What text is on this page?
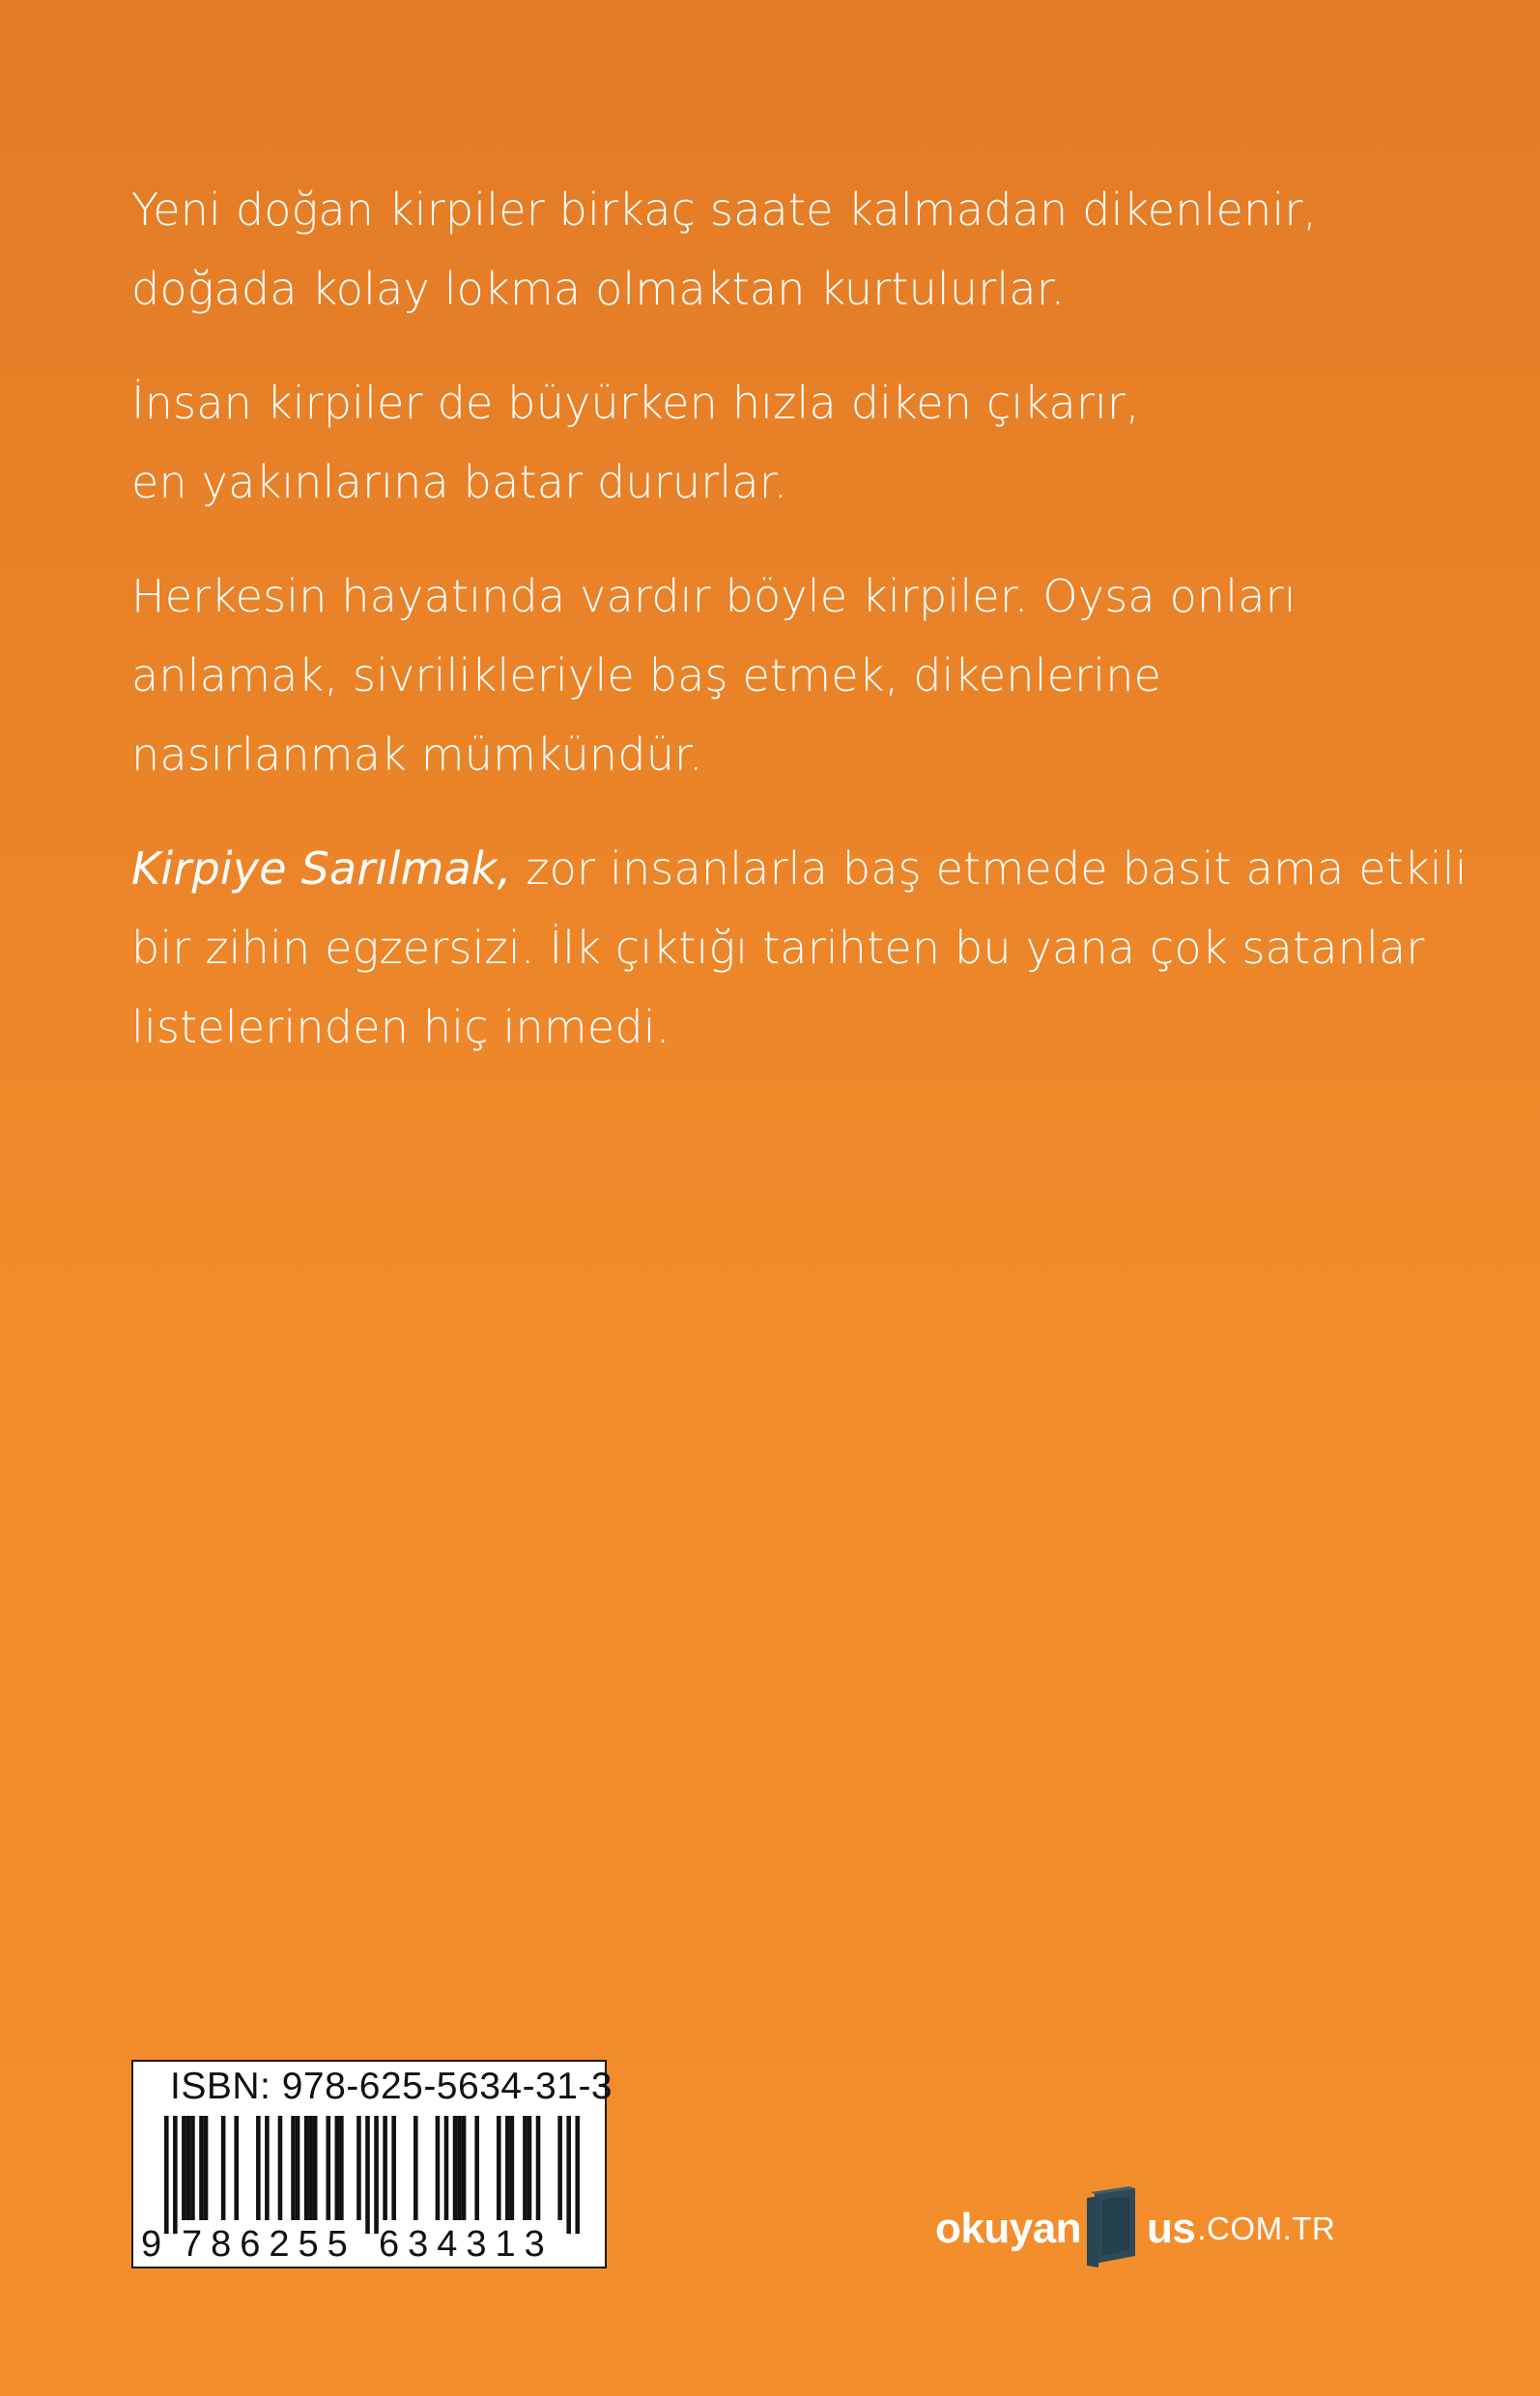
Yeni doğan kirpiler birkaç saate kalmadan dikenlenir,
doğada kolay lokma olmaktan kurtulurlar.

İnsan kirpiler de büyürken hızla diken çıkarır,
en yakınlarına batar dururlar.

Herkesin hayatında vardır böyle kirpiler. Oysa onları
anlamak, sivrilikleriyle baş etmek, dikenlerine
nasırlanmak mümkündür.

Kirpiye Sarılmak, zor insanlarla baş etmede basit ama etkili
bir zihin egzersizi. İlk çıktığı tarihten bu yana çok satanlar
listelerinden hiç inmedi.

ISBN: 978-625-5634-31-3
9 786255 634313	okuyan us .COM.TR
